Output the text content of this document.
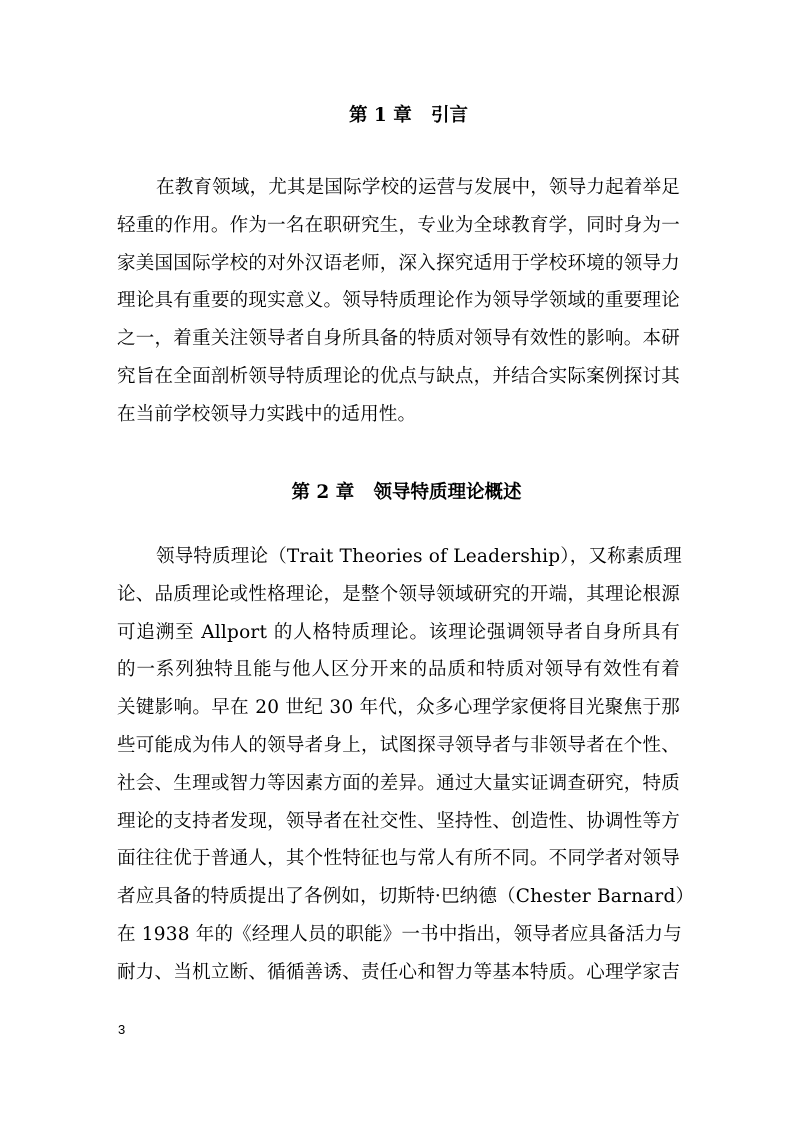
第 1 章   引言
在教育领域，尤其是国际学校的运营与发展中，领导力起着举足
轻重的作用。作为一名在职研究生，专业为全球教育学，同时身为一
家美国国际学校的对外汉语老师，深入探究适用于学校环境的领导力
理论具有重要的现实意义。领导特质理论作为领导学领域的重要理论
之一，着重关注领导者自身所具备的特质对领导有效性的影响。本研
究旨在全面剖析领导特质理论的优点与缺点，并结合实际案例探讨其
在当前学校领导力实践中的适用性。
第 2 章   领导特质理论概述
领导特质理论（Trait Theories of Leadership），又称素质理
论、品质理论或性格理论，是整个领导领域研究的开端，其理论根源
可追溯至 Allport 的人格特质理论。该理论强调领导者自身所具有
的一系列独特且能与他人区分开来的品质和特质对领导有效性有着
关键影响。早在 20 世纪 30 年代，众多心理学家便将目光聚焦于那
些可能成为伟人的领导者身上，试图探寻领导者与非领导者在个性、
社会、生理或智力等因素方面的差异。通过大量实证调查研究，特质
理论的支持者发现，领导者在社交性、坚持性、创造性、协调性等方
面往往优于普通人，其个性特征也与常人有所不同。不同学者对领导
者应具备的特质提出了各例如，切斯特·巴纳德（Chester Barnard）
在 1938 年的《经理人员的职能》一书中指出，领导者应具备活力与
耐力、当机立断、循循善诱、责任心和智力等基本特质。心理学家吉
3
